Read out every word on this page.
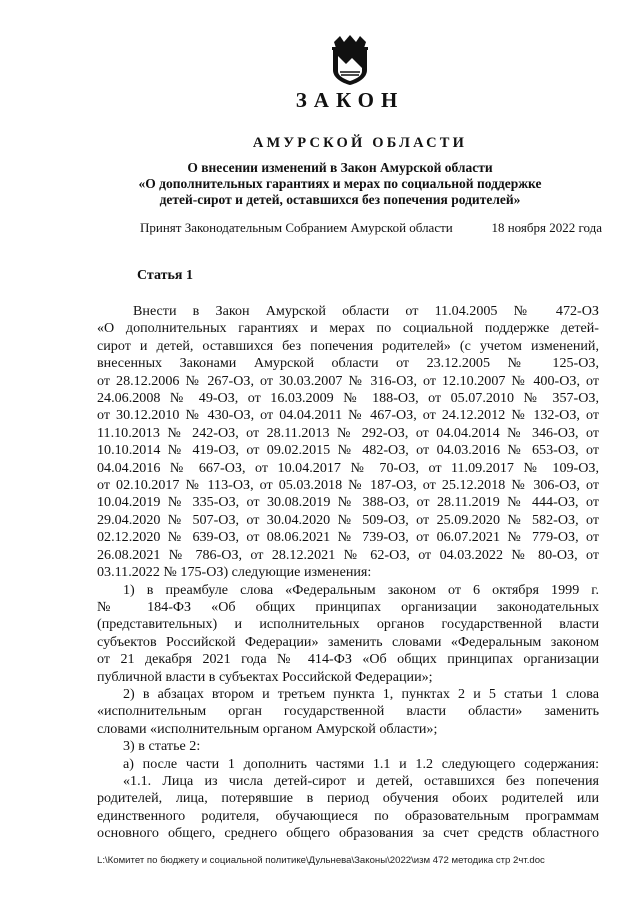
ЗАКОН
АМУРСКОЙ ОБЛАСТИ
О внесении изменений в Закон Амурской области
«О дополнительных гарантиях и мерах по социальной поддержке
детей-сирот и детей, оставшихся без попечения родителей»
Принят Законодательным Собранием Амурской области	18 ноября 2022 года
Статья 1

Внести в Закон Амурской области от 11.04.2005 № 472-ОЗ

«О дополнительных гарантиях и мерах по социальной поддержке детей-

сирот и детей, оставшихся без попечения родителей» (с учетом изменений,

внесенных Законами Амурской области от 23.12.2005 № 125-ОЗ,

от 28.12.2006 № 267-ОЗ, от 30.03.2007 № 316-ОЗ, от 12.10.2007 № 400-ОЗ, от

24.06.2008 № 49-ОЗ, от 16.03.2009 № 188-ОЗ, от 05.07.2010 № 357-ОЗ,

от 30.12.2010 № 430-ОЗ, от 04.04.2011 № 467-ОЗ, от 24.12.2012 № 132-ОЗ, от

11.10.2013 № 242-ОЗ, от 28.11.2013 № 292-ОЗ, от 04.04.2014 № 346-ОЗ, от

10.10.2014 № 419-ОЗ, от 09.02.2015 № 482-ОЗ, от 04.03.2016 № 653-ОЗ, от

04.04.2016 № 667-ОЗ, от 10.04.2017 № 70-ОЗ, от 11.09.2017 № 109-ОЗ,

от 02.10.2017 № 113-ОЗ, от 05.03.2018 № 187-ОЗ, от 25.12.2018 № 306-ОЗ, от

10.04.2019 № 335-ОЗ, от 30.08.2019 № 388-ОЗ, от 28.11.2019 № 444-ОЗ, от

29.04.2020 № 507-ОЗ, от 30.04.2020 № 509-ОЗ, от 25.09.2020 № 582-ОЗ, от

02.12.2020 № 639-ОЗ, от 08.06.2021 № 739-ОЗ, от 06.07.2021 № 779-ОЗ, от

26.08.2021 № 786-ОЗ, от 28.12.2021 № 62-ОЗ, от 04.03.2022 № 80-ОЗ, от

03.11.2022 № 175-ОЗ) следующие изменения:

1) в преамбуле слова «Федеральным законом от 6 октября 1999 г.

№ 184-ФЗ «Об общих принципах организации законодательных

(представительных) и исполнительных органов государственной власти

субъектов Российской Федерации» заменить словами «Федеральным законом

от 21 декабря 2021 года № 414-ФЗ «Об общих принципах организации

публичной власти в субъектах Российской Федерации»;

2) в абзацах втором и третьем пункта 1, пунктах 2 и 5 статьи 1 слова

«исполнительным орган государственной власти области» заменить

словами «исполнительным органом Амурской области»;

3) в статье 2:

а) после части 1 дополнить частями 1.1 и 1.2 следующего содержания:

«1.1. Лица из числа детей-сирот и детей, оставшихся без попечения

родителей, лица, потерявшие в период обучения обоих родителей или

единственного родителя, обучающиеся по образовательным программам

основного общего, среднего общего образования за счет средств областного

L:\Комитет по бюджету и социальной политике\Дульнева\Законы\2022\изм 472 методика стр 2чт.doc
